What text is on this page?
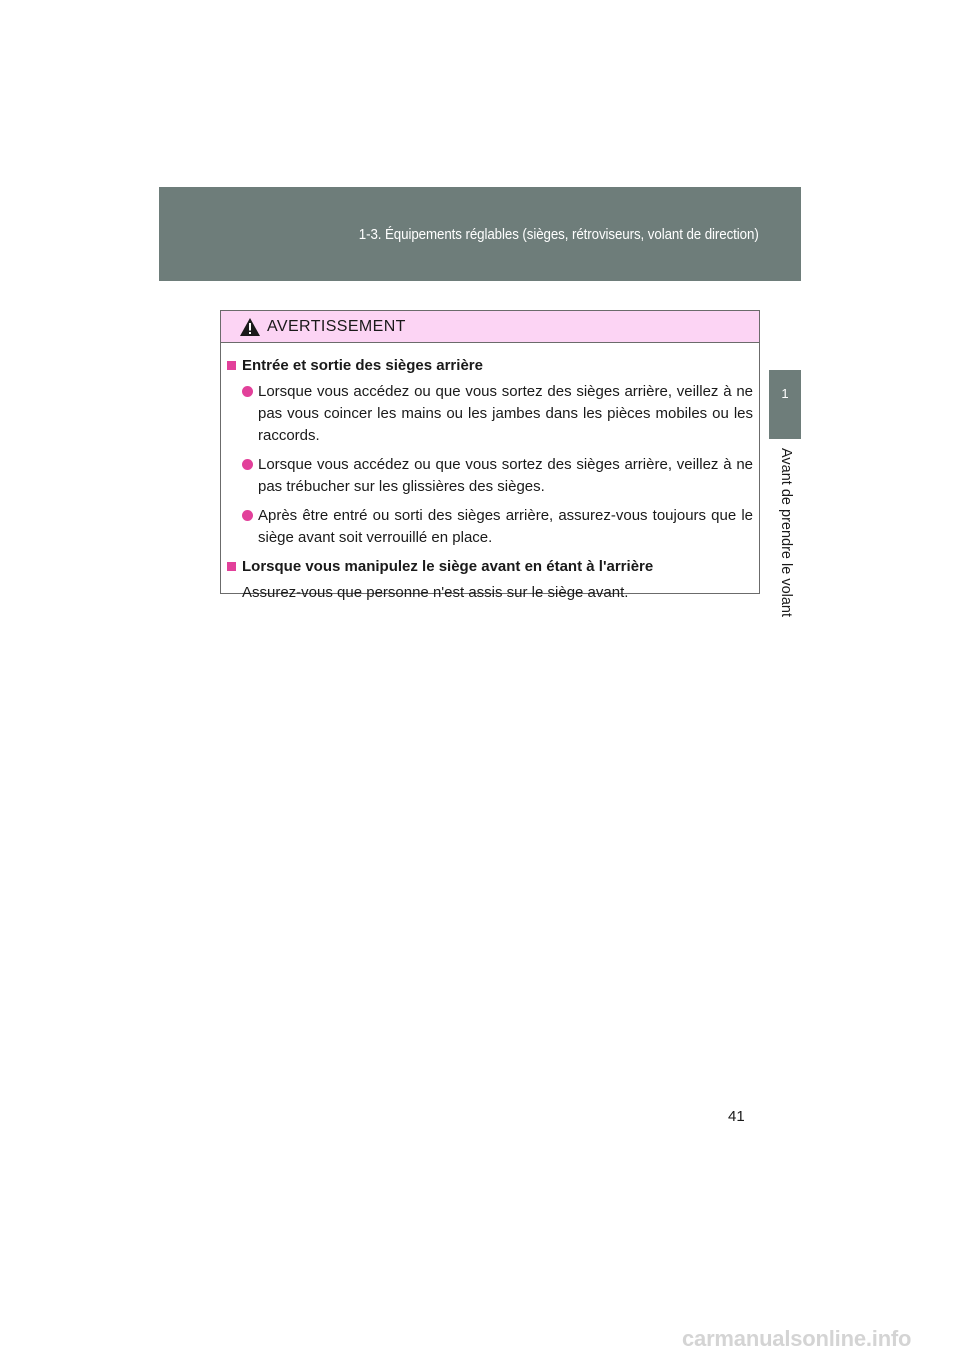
1-3. Équipements réglables (sièges, rétroviseurs, volant de direction)
1
Avant de prendre le volant
AVERTISSEMENT
Entrée et sortie des sièges arrière
Lorsque vous accédez ou que vous sortez des sièges arrière, veillez à ne pas vous coincer les mains ou les jambes dans les pièces mobiles ou les raccords.
Lorsque vous accédez ou que vous sortez des sièges arrière, veillez à ne pas trébucher sur les glissières des sièges.
Après être entré ou sorti des sièges arrière, assurez-vous toujours que le siège avant soit verrouillé en place.
Lorsque vous manipulez le siège avant en étant à l'arrière
Assurez-vous que personne n'est assis sur le siège avant.
41
carmanualsonline.info
